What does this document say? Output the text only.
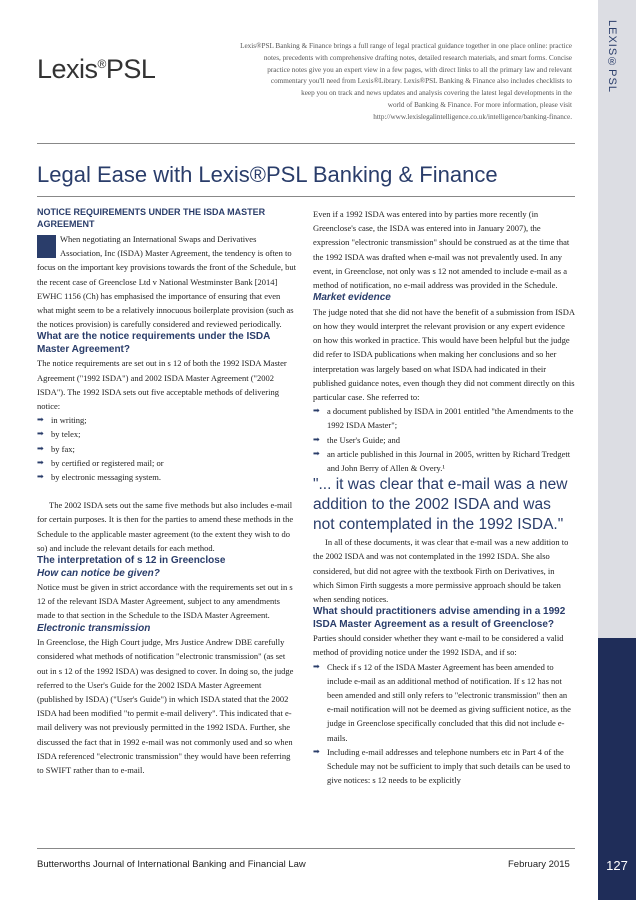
LEXIS®PSL
127
Lexis®PSL
Lexis®PSL Banking & Finance brings a full range of legal practical guidance together in one place online: practice
notes, precedents with comprehensive drafting notes, detailed research materials, and smart forms. Concise
practice notes give you an expert view in a few pages, with direct links to all the primary law and relevant
commentary you'll need from Lexis®Library. Lexis®PSL Banking & Finance also includes checklists to
keep you on track and news updates and analysis covering the latest legal developments in the
world of Banking & Finance. For more information, please visit
http://www.lexislegalintelligence.co.uk/intelligence/banking-finance.
Legal Ease with Lexis®PSL Banking & Finance

NOTICE REQUIREMENTS UNDER THE ISDA MASTER AGREEMENT

When negotiating an International Swaps and Derivatives Association, Inc (ISDA) Master Agreement, the tendency is often to focus on the important key provisions towards the front of the Schedule, but the recent case of Greenclose Ltd v National Westminster Bank [2014] EWHC 1156 (Ch) has emphasised the importance of ensuring that even what might seem to be a relatively innocuous boilerplate provision (such as the notices provision) is carefully considered and reviewed periodically.

What are the notice requirements under the ISDA Master Agreement?

The notice requirements are set out in s 12 of both the 1992 ISDA Master Agreement ("1992 ISDA") and 2002 ISDA Master Agreement ("2002 ISDA"). The 1992 ISDA sets out five acceptable methods of delivering notice:

➡ in writing;
➡ by telex;
➡ by fax;
➡ by certified or registered mail; or
➡ by electronic messaging system.

The 2002 ISDA sets out the same five methods but also includes e-mail for certain purposes. It is then for the parties to amend these methods in the Schedule to the applicable master agreement (to the extent they wish to do so) and include the relevant details for each method.

The interpretation of s 12 in Greenclose

How can notice be given?

Notice must be given in strict accordance with the requirements set out in s 12 of the relevant ISDA Master Agreement, subject to any amendments made to that section in the Schedule to the ISDA Master Agreement.

Electronic transmission

In Greenclose, the High Court judge, Mrs Justice Andrew DBE carefully considered what methods of notification "electronic transmission" (as set out in s 12 of the 1992 ISDA) was designed to cover. In doing so, the judge referred to the User's Guide for the 2002 ISDA Master Agreement (published by ISDA) ("User's Guide") in which ISDA stated that the 2002 ISDA had been modified "to permit e-mail delivery". This indicated that e-mail delivery was not previously permitted in the 1992 ISDA. Further, she discussed the fact that in 1992 e-mail was not commonly used and so when ISDA referenced "electronic transmission" they would have been referring to SWIFT rather than to e-mail.

Even if a 1992 ISDA was entered into by parties more recently (in Greenclose's case, the ISDA was entered into in January 2007), the expression "electronic transmission" should be construed as at the time that the 1992 ISDA was drafted when e-mail was not prevalently used. In any event, in Greenclose, not only was s 12 not amended to include e-mail as a method of notification, no e-mail address was provided in the Schedule.

Market evidence

The judge noted that she did not have the benefit of a submission from ISDA on how they would interpret the relevant provision or any expert evidence on how this worked in practice. This would have been helpful but the judge did refer to ISDA publications when making her conclusions and so her interpretation was largely based on what ISDA had indicated in their published guidance notes, even though they did not comment directly on this particular case. She referred to:

➡ a document published by ISDA in 2001 entitled "the Amendments to the 1992 ISDA Master";
➡ the User's Guide; and
➡ an article published in this Journal in 2005, written by Richard Tredgett and John Berry of Allen & Overy.¹

"... it was clear that e-mail was a new addition to the 2002 ISDA and was not contemplated in the 1992 ISDA."

In all of these documents, it was clear that e-mail was a new addition to the 2002 ISDA and was not contemplated in the 1992 ISDA. She also considered, but did not agree with the textbook Firth on Derivatives, in which Simon Firth suggests a more permissive approach should be taken when sending notices.

What should practitioners advise amending in a 1992 ISDA Master Agreement as a result of Greenclose?

Parties should consider whether they want e-mail to be considered a valid method of providing notice under the 1992 ISDA, and if so:

➡ Check if s 12 of the ISDA Master Agreement has been amended to include e-mail as an additional method of notification. If s 12 has not been amended and still only refers to "electronic transmission" then an e-mail notification will not be deemed as giving sufficient notice, as the judge in Greenclose specifically concluded that this did not include e-mails.
➡ Including e-mail addresses and telephone numbers etc in Part 4 of the Schedule may not be sufficient to imply that such details can be used to give notices: s 12 needs to be explicitly
Butterworths Journal of International Banking and Financial Law	February 2015
